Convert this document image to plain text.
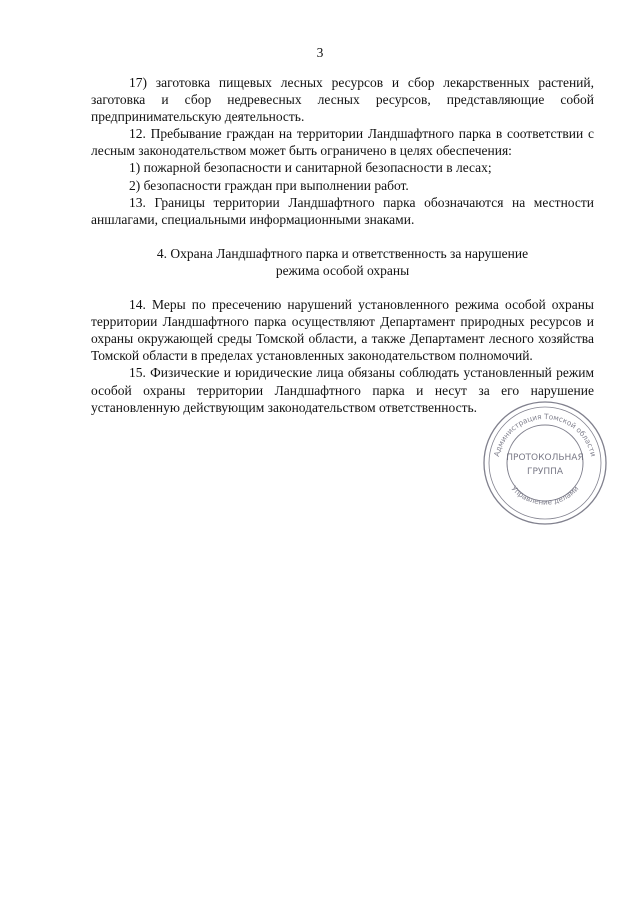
3

17) заготовка пищевых лесных ресурсов и сбор лекарственных растений, заготовка и сбор недревесных лесных ресурсов, представляющие собой предпринимательскую деятельность.

12. Пребывание граждан на территории Ландшафтного парка в соответствии с лесным законодательством может быть ограничено в целях обеспечения:

1) пожарной безопасности и санитарной безопасности в лесах;

2) безопасности граждан при выполнении работ.

13. Границы территории Ландшафтного парка обозначаются на местности аншлагами, специальными информационными знаками.

4. Охрана Ландшафтного парка и ответственность за нарушение
режима особой охраны

14. Меры по пресечению нарушений установленного режима особой охраны территории Ландшафтного парка осуществляют Департамент природных ресурсов и охраны окружающей среды Томской области, а также Департамент лесного хозяйства Томской области в пределах установленных законодательством полномочий.

15. Физические и юридические лица обязаны соблюдать установленный режим особой охраны территории Ландшафтного парка и несут за его нарушение установленную действующим законодательством ответственность.

Администрация Томской области
Управление делами
ПРОТОКОЛЬНАЯ
ГРУППА
